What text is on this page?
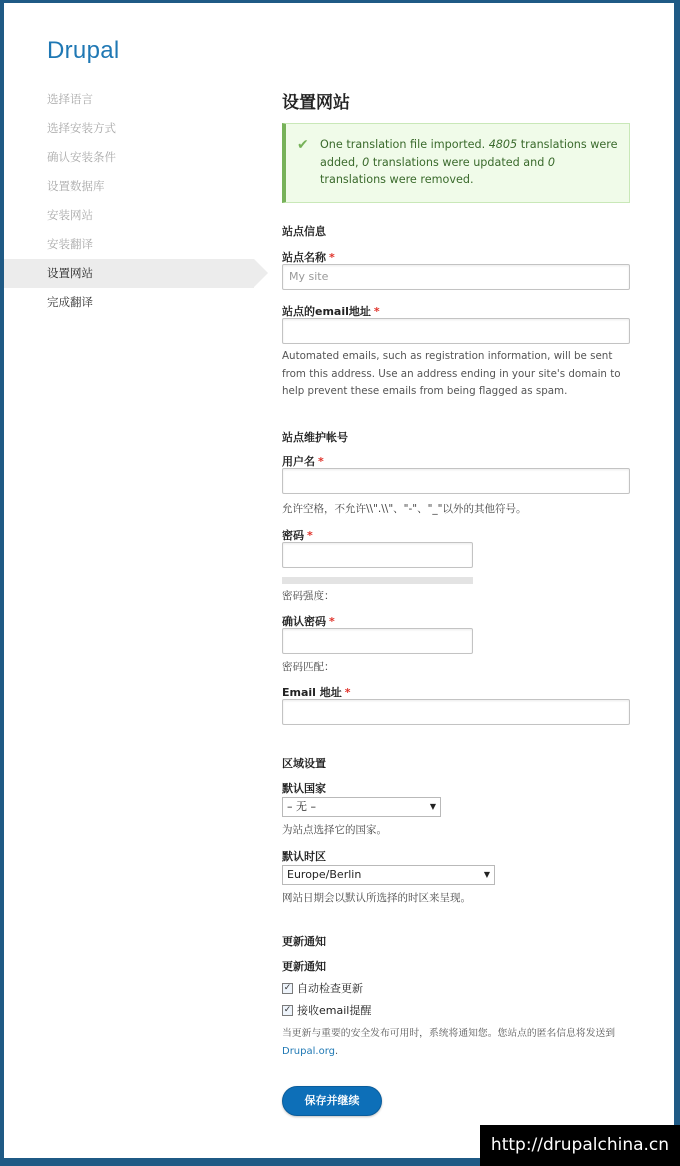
Drupal
选择语言
选择安装方式
确认安装条件
设置数据库
安装网站
安装翻译
设置网站
完成翻译
设置网站
✔ One translation file imported. 4805 translations were added, 0 translations were updated and 0 translations were removed.
站点信息
站点名称 *
My site
站点的email地址 *
Automated emails, such as registration information, will be sent from this address. Use an address ending in your site's domain to help prevent these emails from being flagged as spam.
站点维护帐号
用户名 *
允许空格，不允许\\".\\"、"-"、"_"以外的其他符号。
密码 *
密码强度：
确认密码 *
密码匹配：
Email 地址 *
区域设置
默认国家
– 无 –	▼
为站点选择它的国家。
默认时区
Europe/Berlin	▼
网站日期会以默认所选择的时区来呈现。
更新通知
更新通知
✓ 自动检查更新
✓ 接收email提醒
当更新与重要的安全发布可用时，系统将通知您。您站点的匿名信息将发送到
Drupal.org.
保存并继续
http://drupalchina.cn
